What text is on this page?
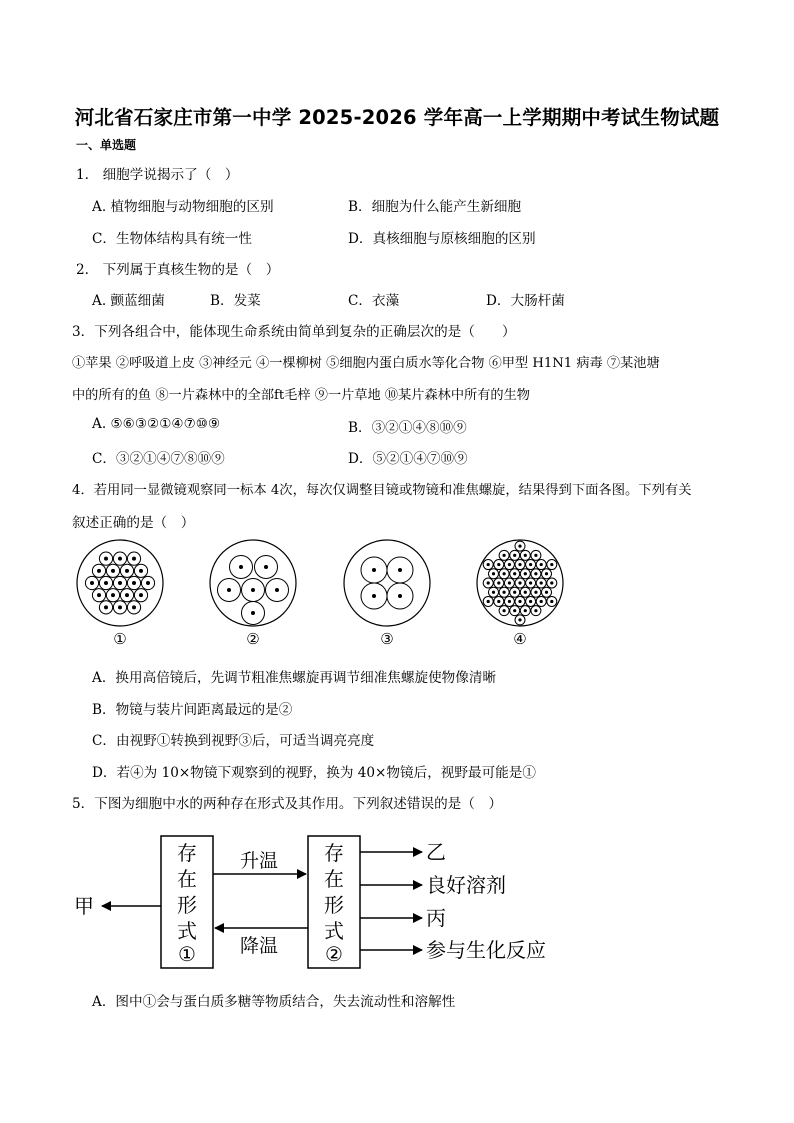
河北省石家庄市第一中学 2025-2026 学年高一上学期期中考试生物试题
一、单选题
1.　细胞学说揭示了（　）
A. 植物细胞与动物细胞的区别	B．细胞为什么能产生新细胞
C．生物体结构具有统一性	D．真核细胞与原核细胞的区别
2.　下列属于真核生物的是（　）
A. 颤蓝细菌	B．发菜	C．衣藻	D．大肠杆菌
3．下列各组合中，能体现生命系统由简单到复杂的正确层次的是（　　）
①苹果 ②呼吸道上皮 ③神经元 ④一棵柳树 ⑤细胞内蛋白质水等化合物 ⑥甲型 H1N1 病毒 ⑦某池塘
中的所有的鱼 ⑧一片森林中的全部ft毛梓 ⑨一片草地 ⑩某片森林中所有的生物
A. ⑤⑥③②①④⑦⑩⑨	B．③②①④⑧⑩⑨
C．③②①④⑦⑧⑩⑨	D．⑤②①④⑦⑩⑨
4．若用同一显微镜观察同一标本 4次，每次仅调整目镜或物镜和准焦螺旋，结果得到下面各图。下列有关
叙述正确的是（　）
①	②	③	④
A．换用高倍镜后，先调节粗准焦螺旋再调节细准焦螺旋使物像清晰
B．物镜与装片间距离最远的是②
C．由视野①转换到视野③后，可适当调亮亮度
D．若④为 10×物镜下观察到的视野，换为 40×物镜后，视野最可能是①
5．下图为细胞中水的两种存在形式及其作用。下列叙述错误的是（　）
存
在
形
式
①
存
在
形
式
②
升温
降温
甲
乙
良好溶剂
丙
参与生化反应
A．图中①会与蛋白质多糖等物质结合，失去流动性和溶解性
